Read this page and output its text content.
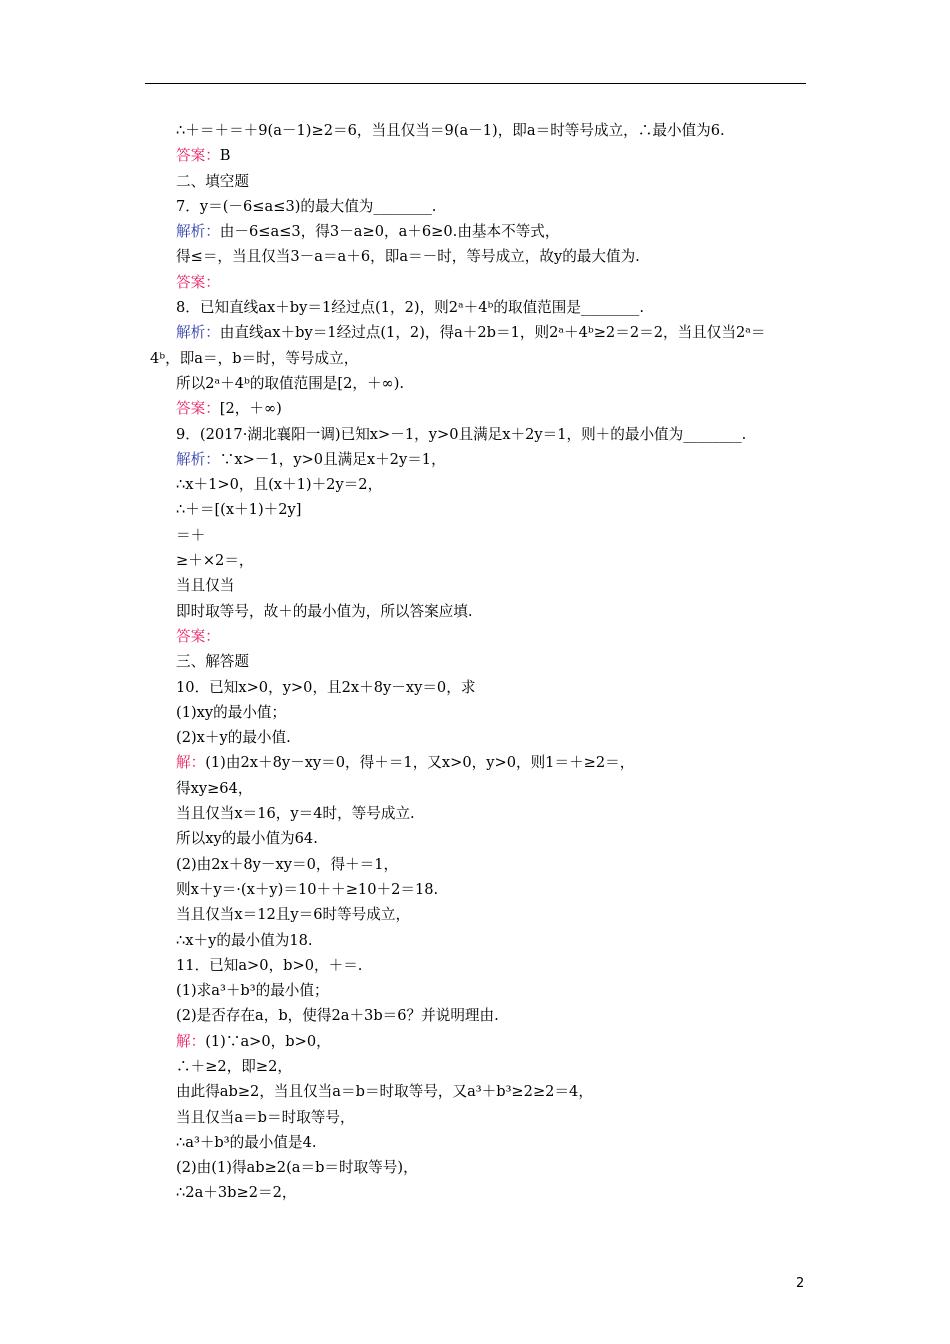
∴＋＝＋＝＋9(a－1)≥2＝6，当且仅当＝9(a－1)，即a＝时等号成立，∴最小值为6.
答案：B
二、填空题
7．y＝(－6≤a≤3)的最大值为________.
解析：由－6≤a≤3，得3－a≥0，a＋6≥0.由基本不等式，
得≤＝，当且仅当3－a＝a＋6，即a＝－时，等号成立，故y的最大值为.
答案：
8．已知直线ax＋by＝1经过点(1，2)，则2ᵃ＋4ᵇ的取值范围是________.
解析：由直线ax＋by＝1经过点(1，2)，得a＋2b＝1，则2ᵃ＋4ᵇ≥2＝2＝2，当且仅当2ᵃ＝
4ᵇ，即a＝，b＝时，等号成立，
所以2ᵃ＋4ᵇ的取值范围是[2，＋∞).
答案：[2，＋∞)
9．(2017·湖北襄阳一调)已知x>－1，y>0且满足x＋2y＝1，则＋的最小值为________.
解析：∵x>－1，y>0且满足x＋2y＝1，
∴x＋1>0，且(x＋1)＋2y＝2，
∴＋＝[(x＋1)＋2y]
＝＋
≥＋×2＝，
当且仅当
即时取等号，故＋的最小值为，所以答案应填.
答案：
三、解答题
10．已知x>0，y>0，且2x＋8y－xy＝0，求
(1)xy的最小值；
(2)x＋y的最小值.
解：(1)由2x＋8y－xy＝0，得＋＝1，又x>0，y>0，则1＝＋≥2＝，
得xy≥64，
当且仅当x＝16，y＝4时，等号成立.
所以xy的最小值为64.
(2)由2x＋8y－xy＝0，得＋＝1，
则x＋y＝·(x＋y)＝10＋＋≥10＋2＝18.
当且仅当x＝12且y＝6时等号成立，
∴x＋y的最小值为18.
11．已知a>0，b>0，＋＝.
(1)求a³＋b³的最小值；
(2)是否存在a，b，使得2a＋3b＝6？并说明理由.
解：(1)∵a>0，b>0，
∴＋≥2，即≥2，
由此得ab≥2，当且仅当a＝b＝时取等号，又a³＋b³≥2≥2＝4，
当且仅当a＝b＝时取等号，
∴a³＋b³的最小值是4.
(2)由(1)得ab≥2(a＝b＝时取等号)，
∴2a＋3b≥2＝2，
2
